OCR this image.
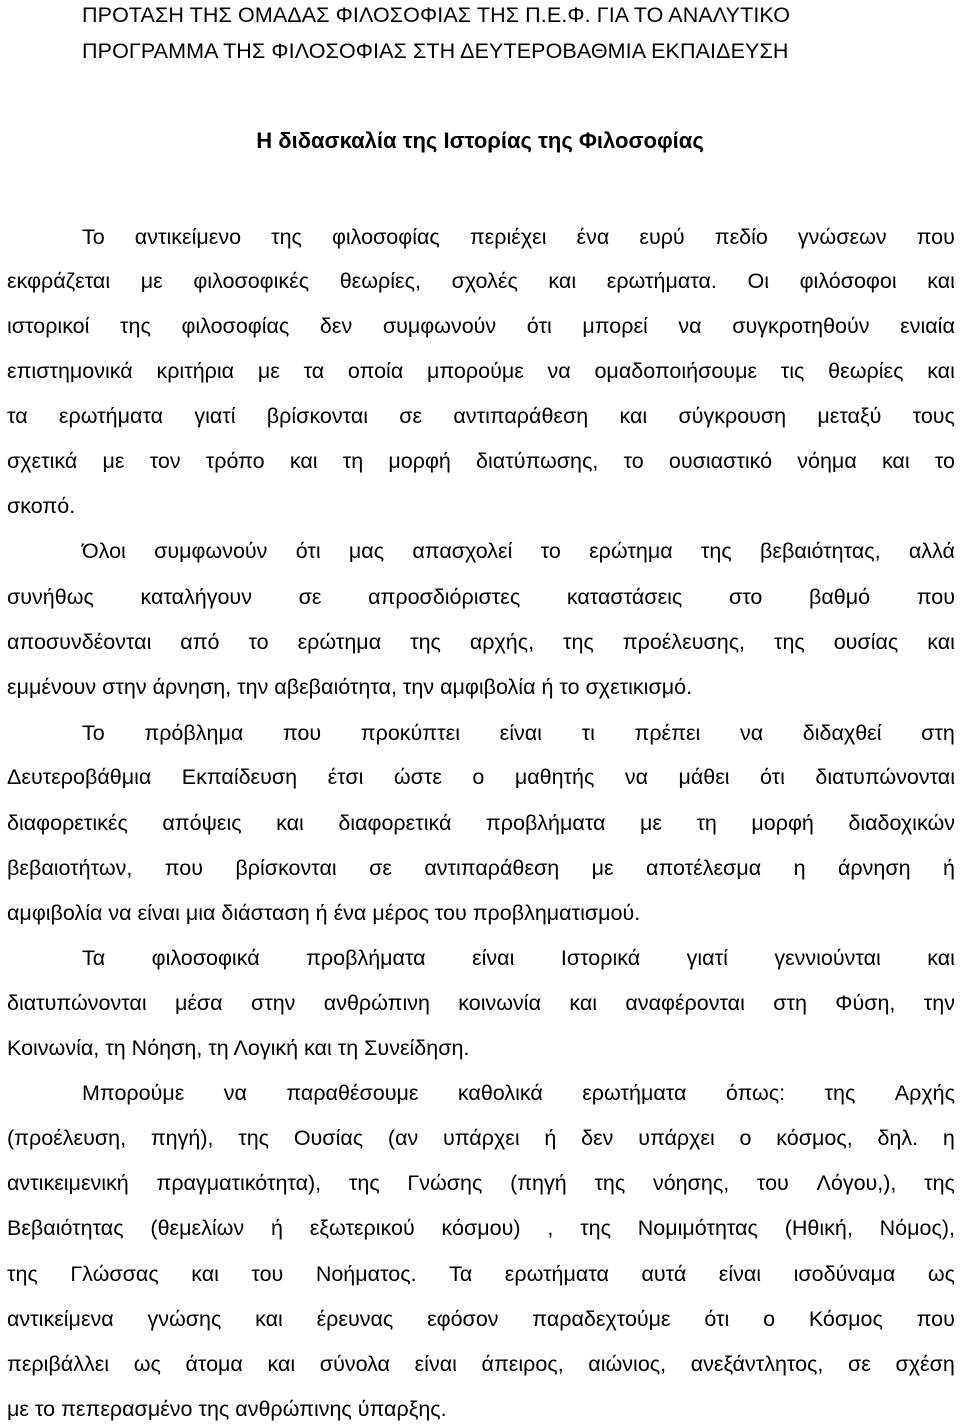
ΠΡΟΤΑΣΗ ΤΗΣ ΟΜΑΔΑΣ ΦΙΛΟΣΟΦΙΑΣ ΤΗΣ Π.Ε.Φ. ΓΙΑ ΤΟ ΑΝΑΛΥΤΙΚΟ
ΠΡΟΓΡΑΜΜΑ ΤΗΣ ΦΙΛΟΣΟΦΙΑΣ ΣΤΗ ΔΕΥΤΕΡΟΒΑΘΜΙΑ ΕΚΠΑΙΔΕΥΣΗ
Η διδασκαλία της Ιστορίας της Φιλοσοφίας
Το αντικείμενο της φιλοσοφίας περιέχει ένα ευρύ πεδίο γνώσεων που
εκφράζεται με φιλοσοφικές θεωρίες, σχολές και ερωτήματα. Οι φιλόσοφοι και
ιστορικοί της φιλοσοφίας δεν συμφωνούν ότι μπορεί να συγκροτηθούν ενιαία
επιστημονικά κριτήρια με τα οποία μπορούμε να ομαδοποιήσουμε τις θεωρίες και
τα ερωτήματα γιατί βρίσκονται σε αντιπαράθεση και σύγκρουση μεταξύ τους
σχετικά με τον τρόπο και τη μορφή διατύπωσης, το ουσιαστικό νόημα και το
σκοπό.
Όλοι συμφωνούν ότι μας απασχολεί το ερώτημα της βεβαιότητας, αλλά
συνήθως καταλήγουν σε απροσδιόριστες καταστάσεις στο βαθμό που
αποσυνδέονται από το ερώτημα της αρχής, της προέλευσης, της ουσίας και
εμμένουν στην άρνηση, την αβεβαιότητα, την αμφιβολία ή το σχετικισμό.
Το πρόβλημα που προκύπτει είναι τι πρέπει να διδαχθεί στη
Δευτεροβάθμια Εκπαίδευση έτσι ώστε ο μαθητής να μάθει ότι διατυπώνονται
διαφορετικές απόψεις και διαφορετικά προβλήματα με τη μορφή διαδοχικών
βεβαιοτήτων, που βρίσκονται σε αντιπαράθεση με αποτέλεσμα η άρνηση ή
αμφιβολία να είναι μια διάσταση ή ένα μέρος του προβληματισμού.
Τα φιλοσοφικά προβλήματα είναι Ιστορικά γιατί γεννιούνται και
διατυπώνονται μέσα στην ανθρώπινη κοινωνία και αναφέρονται στη Φύση, την
Κοινωνία, τη Νόηση, τη Λογική και τη Συνείδηση.
Μπορούμε να παραθέσουμε καθολικά ερωτήματα όπως: της Αρχής
(προέλευση, πηγή), της Ουσίας (αν υπάρχει ή δεν υπάρχει ο κόσμος, δηλ. η
αντικειμενική πραγματικότητα), της Γνώσης (πηγή της νόησης, του Λόγου,), της
Βεβαιότητας (θεμελίων ή εξωτερικού κόσμου) , της Νομιμότητας (Ηθική, Νόμος),
της Γλώσσας και του Νοήματος. Τα ερωτήματα αυτά είναι ισοδύναμα ως
αντικείμενα γνώσης και έρευνας εφόσον παραδεχτούμε ότι ο Κόσμος που
περιβάλλει ως άτομα και σύνολα είναι άπειρος, αιώνιος, ανεξάντλητος, σε σχέση
με το πεπερασμένο της ανθρώπινης ύπαρξης.
